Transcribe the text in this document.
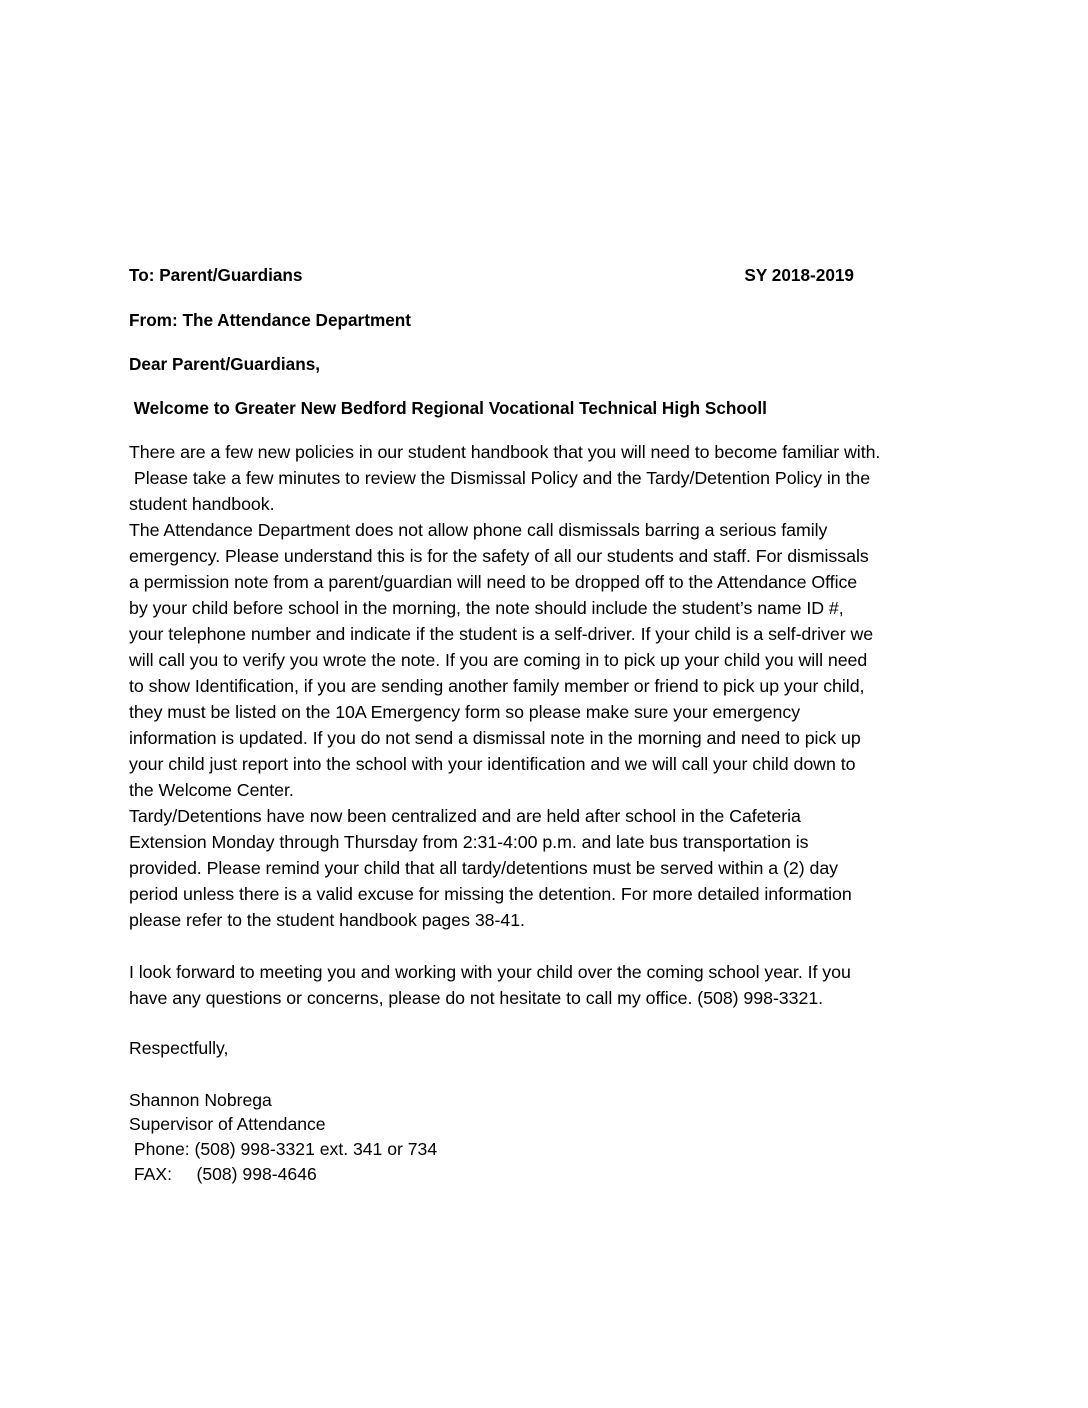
To: Parent/Guardians	SY 2018-2019
From: The Attendance Department
Dear Parent/Guardians,
Welcome to Greater New Bedford Regional Vocational Technical High Schooll
There are a few new policies in our student handbook that you will need to become familiar with.
Please take a few minutes to review the Dismissal Policy and the Tardy/Detention Policy in the
student handbook.
The Attendance Department does not allow phone call dismissals barring a serious family
emergency. Please understand this is for the safety of all our students and staff. For dismissals
a permission note from a parent/guardian will need to be dropped off to the Attendance Office
by your child before school in the morning, the note should include the student’s name ID #,
your telephone number and indicate if the student is a self-driver. If your child is a self-driver we
will call you to verify you wrote the note. If you are coming in to pick up your child you will need
to show Identification, if you are sending another family member or friend to pick up your child,
they must be listed on the 10A Emergency form so please make sure your emergency
information is updated. If you do not send a dismissal note in the morning and need to pick up
your child just report into the school with your identification and we will call your child down to
the Welcome Center.
Tardy/Detentions have now been centralized and are held after school in the Cafeteria
Extension Monday through Thursday from 2:31-4:00 p.m. and late bus transportation is
provided. Please remind your child that all tardy/detentions must be served within a (2) day
period unless there is a valid excuse for missing the detention. For more detailed information
please refer to the student handbook pages 38-41.
I look forward to meeting you and working with your child over the coming school year. If you
have any questions or concerns, please do not hesitate to call my office. (508) 998-3321.
Respectfully,
Shannon Nobrega
Supervisor of Attendance
Phone: (508) 998-3321 ext. 341 or 734
FAX:     (508) 998-4646
